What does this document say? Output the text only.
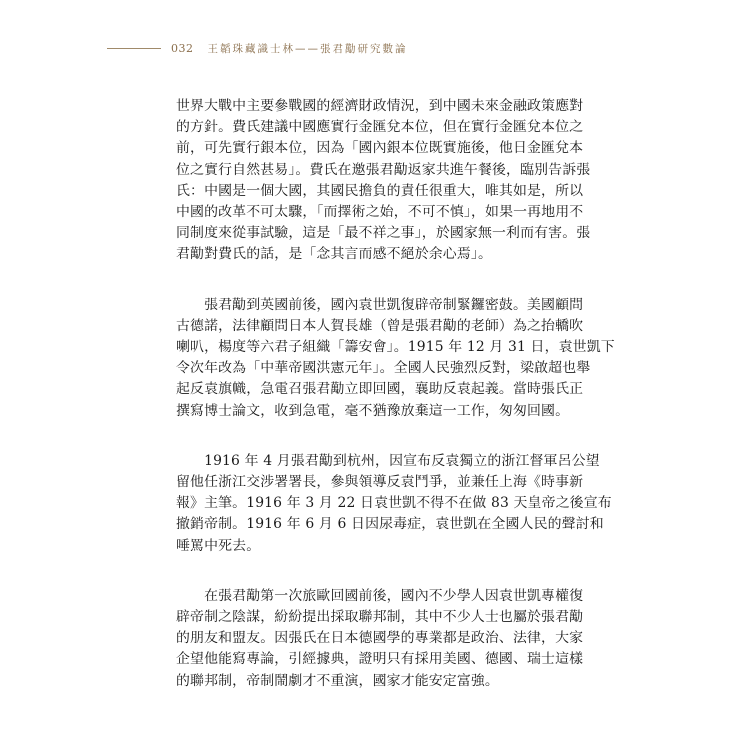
032 王韜珠藏識士林——張君勱研究數論

世界大戰中主要參戰國的經濟財政情況，到中國未來金融政策應對
的方針。費氏建議中國應實行金匯兌本位，但在實行金匯兌本位之
前，可先實行銀本位，因為「國內銀本位既實施後，他日金匯兌本
位之實行自然甚易」。費氏在邀張君勱返家共進午餐後，臨別告訴張
氏：中國是一個大國，其國民擔負的責任很重大，唯其如是，所以
中國的改革不可太驟，「而擇術之始，不可不慎」，如果一再地用不
同制度來從事試驗，這是「最不祥之事」，於國家無一利而有害。張
君勱對費氏的話，是「念其言而感不絕於余心焉」。

　　張君勱到英國前後，國內袁世凱復辟帝制緊鑼密鼓。美國顧問
古德諾，法律顧問日本人賀長雄（曾是張君勱的老師）為之抬轎吹
喇叭，楊度等六君子組織「籌安會」。1915 年 12 月 31 日，袁世凱下
令次年改為「中華帝國洪憲元年」。全國人民強烈反對，梁啟超也舉
起反袁旗幟，急電召張君勱立即回國，襄助反袁起義。當時張氏正
撰寫博士論文，收到急電，毫不猶豫放棄這一工作，匆匆回國。

　　1916 年 4 月張君勱到杭州，因宣布反袁獨立的浙江督軍呂公望
留他任浙江交涉署署長，參與領導反袁鬥爭，並兼任上海《時事新
報》主筆。1916 年 3 月 22 日袁世凱不得不在做 83 天皇帝之後宣布
撤銷帝制。1916 年 6 月 6 日因尿毒症，袁世凱在全國人民的聲討和
唾罵中死去。

　　在張君勱第一次旅歐回國前後，國內不少學人因袁世凱專權復
辟帝制之陰謀，紛紛提出採取聯邦制，其中不少人士也屬於張君勱
的朋友和盟友。因張氏在日本德國學的專業都是政治、法律，大家
企望他能寫專論，引經據典，證明只有採用美國、德國、瑞士這樣
的聯邦制，帝制鬧劇才不重演，國家才能安定富強。
